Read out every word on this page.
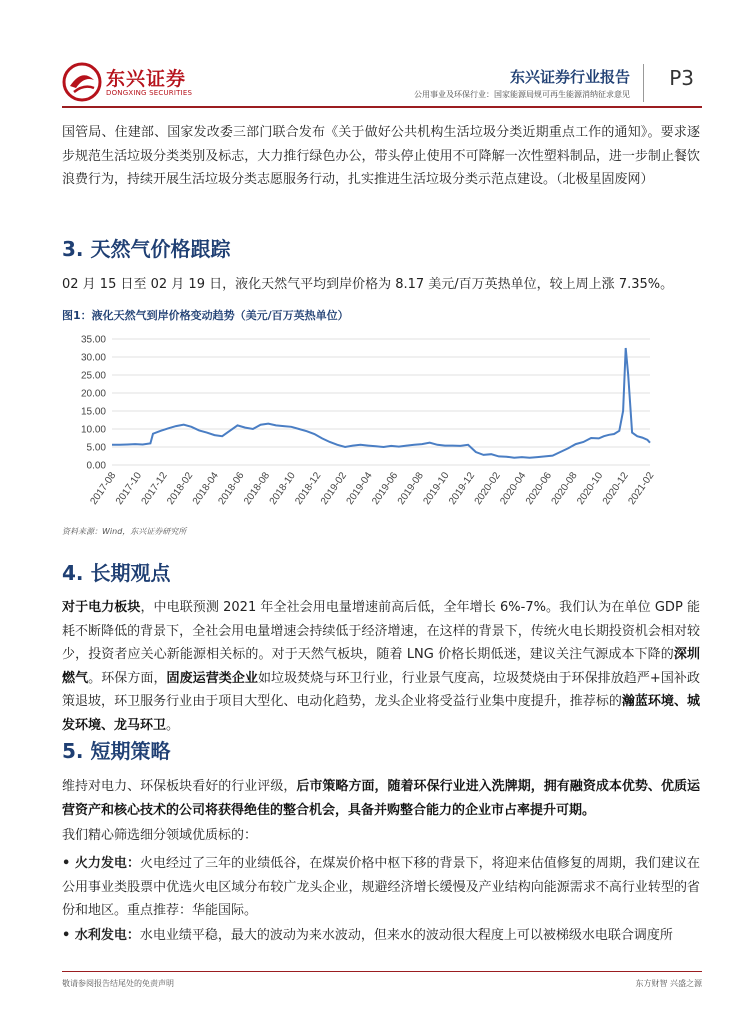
东兴证券
DONGXING SECURITIES
东兴证券行业报告
公用事业及环保行业：国家能源局规可再生能源消纳征求意见
P3

国管局、住建部、国家发改委三部门联合发布《关于做好公共机构生活垃圾分类近期重点工作的通知》。要求逐步规范生活垃圾分类类别及标志，大力推行绿色办公，带头停止使用不可降解一次性塑料制品，进一步制止餐饮浪费行为，持续开展生活垃圾分类志愿服务行动，扎实推进生活垃圾分类示范点建设。（北极星固废网）

3. 天然气价格跟踪

02 月 15 日至 02 月 19 日，液化天然气平均到岸价格为 8.17 美元/百万英热单位，较上周上涨 7.35%。

图1：液化天然气到岸价格变动趋势（美元/百万英热单位）
0.00
5.00
10.00
15.00
20.00
25.00
30.00
35.00
2017-08
2017-10
2017-12
2018-02
2018-04
2018-06
2018-08
2018-10
2018-12
2019-02
2019-04
2019-06
2019-08
2019-10
2019-12
2020-02
2020-04
2020-06
2020-08
2020-10
2020-12
2021-02
资料来源：Wind，东兴证券研究所
4. 长期观点

对于电力板块，中电联预测 2021 年全社会用电量增速前高后低，全年增长 6%-7%。我们认为在单位 GDP 能耗不断降低的背景下，全社会用电量增速会持续低于经济增速，在这样的背景下，传统火电长期投资机会相对较少，投资者应关心新能源相关标的。对于天然气板块，随着 LNG 价格长期低迷，建议关注气源成本下降的深圳燃气。环保方面，固废运营类企业如垃圾焚烧与环卫行业，行业景气度高，垃圾焚烧由于环保排放趋严+国补政策退坡，环卫服务行业由于项目大型化、电动化趋势，龙头企业将受益行业集中度提升，推荐标的瀚蓝环境、城发环境、龙马环卫。

5. 短期策略

维持对电力、环保板块看好的行业评级，后市策略方面，随着环保行业进入洗牌期，拥有融资成本优势、优质运营资产和核心技术的公司将获得绝佳的整合机会，具备并购整合能力的企业市占率提升可期。

我们精心筛选细分领域优质标的：

• 火力发电：火电经过了三年的业绩低谷，在煤炭价格中枢下移的背景下，将迎来估值修复的周期，我们建议在公用事业类股票中优选火电区域分布较广龙头企业，规避经济增长缓慢及产业结构向能源需求不高行业转型的省份和地区。重点推荐：华能国际。

• 水利发电：水电业绩平稳，最大的波动为来水波动，但来水的波动很大程度上可以被梯级水电联合调度所

敬请参阅报告结尾处的免责声明	东方财智 兴盛之源
